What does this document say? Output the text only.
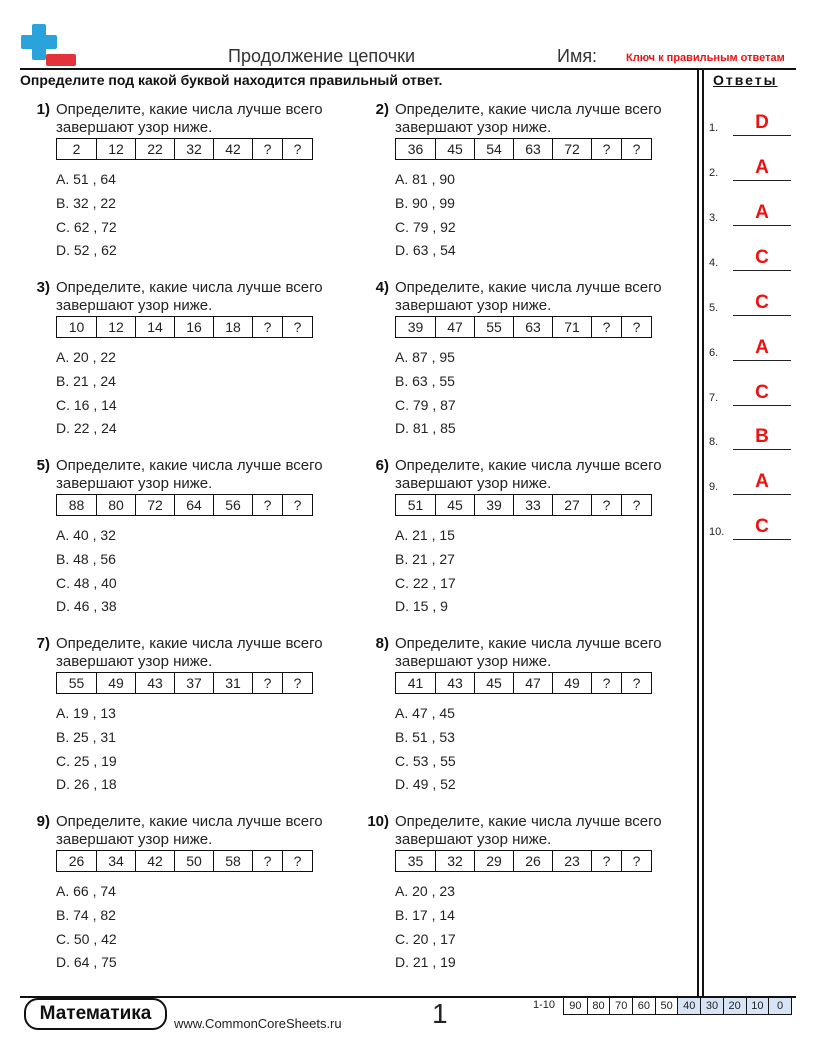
Продолжение цепочки	Имя:	Ключ к правильным ответам
Определите под какой буквой находится правильный ответ.	Ответы
1.	D
2.	A
3.	A
4.	C
5.	C
6.	A
7.	C
8.	B
9.	A
10.	C
1) Определите, какие числа лучше всего завершают узор ниже.
2	12	22	32	42	?	?
A. 51 , 64
B. 32 , 22
C. 62 , 72
D. 52 , 62
2) Определите, какие числа лучше всего завершают узор ниже.
36	45	54	63	72	?	?
A. 81 , 90
B. 90 , 99
C. 79 , 92
D. 63 , 54
3) Определите, какие числа лучше всего завершают узор ниже.
10	12	14	16	18	?	?
A. 20 , 22
B. 21 , 24
C. 16 , 14
D. 22 , 24
4) Определите, какие числа лучше всего завершают узор ниже.
39	47	55	63	71	?	?
A. 87 , 95
B. 63 , 55
C. 79 , 87
D. 81 , 85
5) Определите, какие числа лучше всего завершают узор ниже.
88	80	72	64	56	?	?
A. 40 , 32
B. 48 , 56
C. 48 , 40
D. 46 , 38
6) Определите, какие числа лучше всего завершают узор ниже.
51	45	39	33	27	?	?
A. 21 , 15
B. 21 , 27
C. 22 , 17
D. 15 , 9
7) Определите, какие числа лучше всего завершают узор ниже.
55	49	43	37	31	?	?
A. 19 , 13
B. 25 , 31
C. 25 , 19
D. 26 , 18
8) Определите, какие числа лучше всего завершают узор ниже.
41	43	45	47	49	?	?
A. 47 , 45
B. 51 , 53
C. 53 , 55
D. 49 , 52
9) Определите, какие числа лучше всего завершают узор ниже.
26	34	42	50	58	?	?
A. 66 , 74
B. 74 , 82
C. 50 , 42
D. 64 , 75
10) Определите, какие числа лучше всего завершают узор ниже.
35	32	29	26	23	?	?
A. 20 , 23
B. 17 , 14
C. 20 , 17
D. 21 , 19
Математика	www.CommonCoreSheets.ru	1	1-10	90 80 70 60 50 40 30 20 10	0
